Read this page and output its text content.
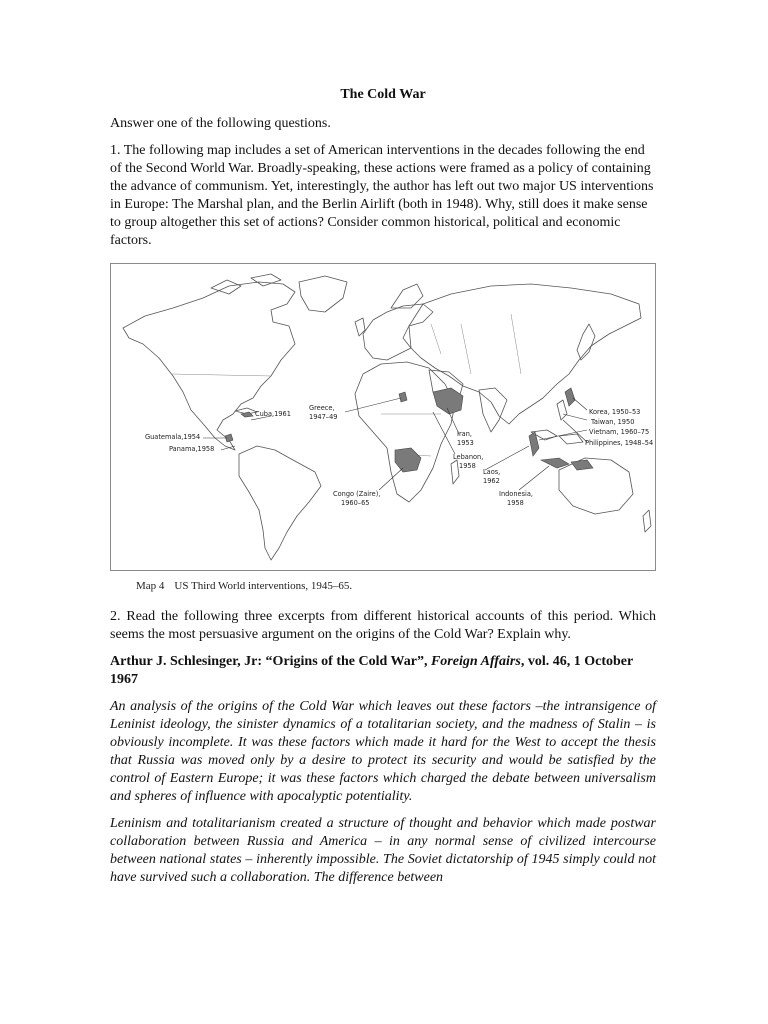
The Cold War

Answer one of the following questions.

1. The following map includes a set of American interventions in the decades following the end of the Second World War. Broadly-speaking, these actions were framed as a policy of containing the advance of communism. Yet, interestingly, the author has left out two major US interventions in Europe: The Marshal plan, and the Berlin Airlift (both in 1948). Why, still does it make sense to group altogether this set of actions? Consider common historical, political and economic factors.

Cuba,1961
Guatemala,1954
Panama,1958
Greece,
1947–49
Iran,
1953
Lebanon,
1958
Congo (Zaire),
1960–65
Laos,
1962
Indonesia,
1958
Korea, 1950–53
Taiwan, 1950
Vietnam, 1960–75
Philippines, 1948–54

Map 4 US Third World interventions, 1945–65.

2. Read the following three excerpts from different historical accounts of this period. Which seems the most persuasive argument on the origins of the Cold War? Explain why.

Arthur J. Schlesinger, Jr: “Origins of the Cold War”, Foreign Affairs, vol. 46, 1 October 1967

An analysis of the origins of the Cold War which leaves out these factors –the intransigence of Leninist ideology, the sinister dynamics of a totalitarian society, and the madness of Stalin – is obviously incomplete. It was these factors which made it hard for the West to accept the thesis that Russia was moved only by a desire to protect its security and would be satisfied by the control of Eastern Europe; it was these factors which charged the debate between universalism and spheres of influence with apocalyptic potentiality.

Leninism and totalitarianism created a structure of thought and behavior which made postwar collaboration between Russia and America – in any normal sense of civilized intercourse between national states – inherently impossible. The Soviet dictatorship of 1945 simply could not have survived such a collaboration. The difference between
